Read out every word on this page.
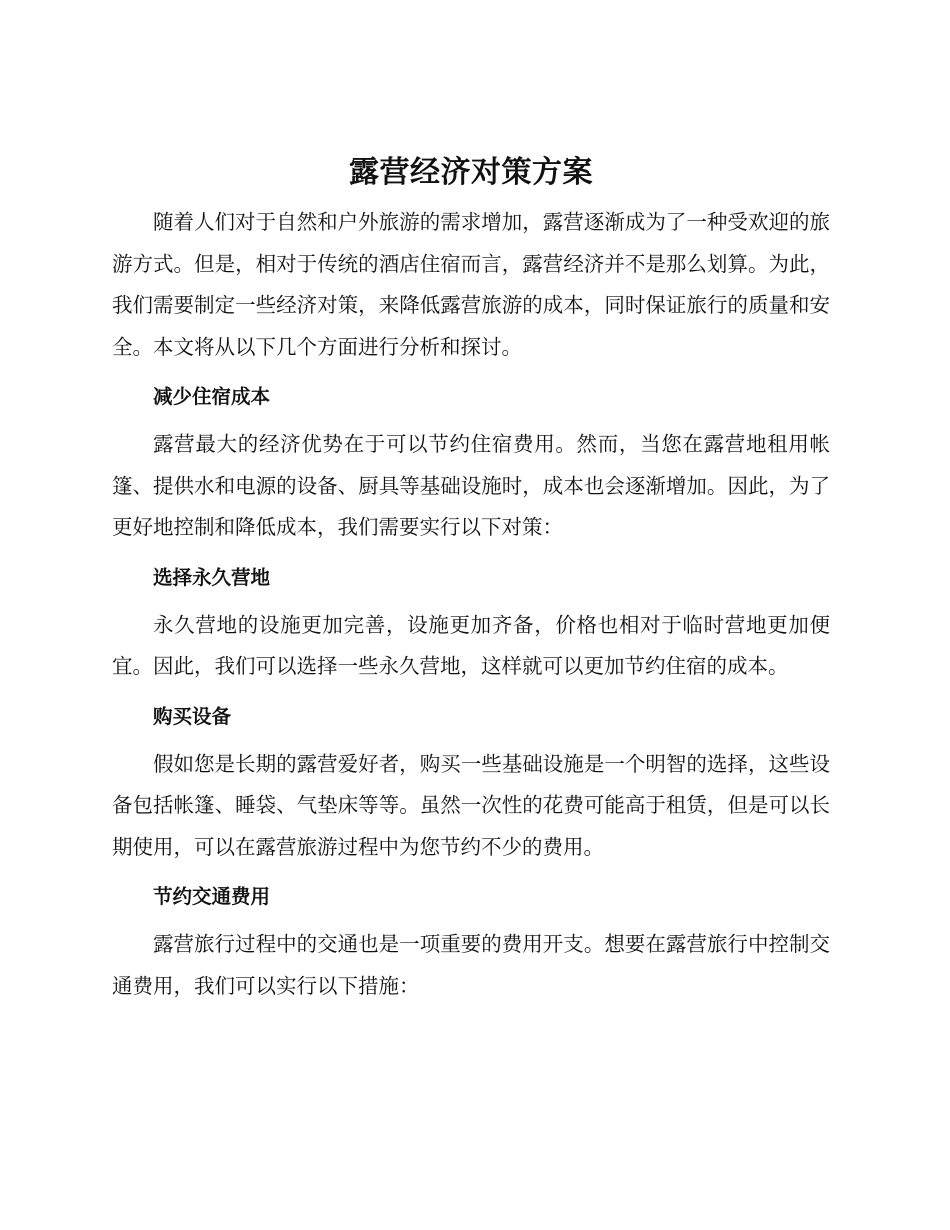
露营经济对策方案

随着人们对于自然和户外旅游的需求增加，露营逐渐成为了一种受欢迎的旅游方式。但是，相对于传统的酒店住宿而言，露营经济并不是那么划算。为此，我们需要制定一些经济对策，来降低露营旅游的成本，同时保证旅行的质量和安全。本文将从以下几个方面进行分析和探讨。

减少住宿成本

露营最大的经济优势在于可以节约住宿费用。然而，当您在露营地租用帐篷、提供水和电源的设备、厨具等基础设施时，成本也会逐渐增加。因此，为了更好地控制和降低成本，我们需要实行以下对策：

选择永久营地

永久营地的设施更加完善，设施更加齐备，价格也相对于临时营地更加便宜。因此，我们可以选择一些永久营地，这样就可以更加节约住宿的成本。

购买设备

假如您是长期的露营爱好者，购买一些基础设施是一个明智的选择，这些设备包括帐篷、睡袋、气垫床等等。虽然一次性的花费可能高于租赁，但是可以长期使用，可以在露营旅游过程中为您节约不少的费用。

节约交通费用

露营旅行过程中的交通也是一项重要的费用开支。想要在露营旅行中控制交通费用，我们可以实行以下措施：
